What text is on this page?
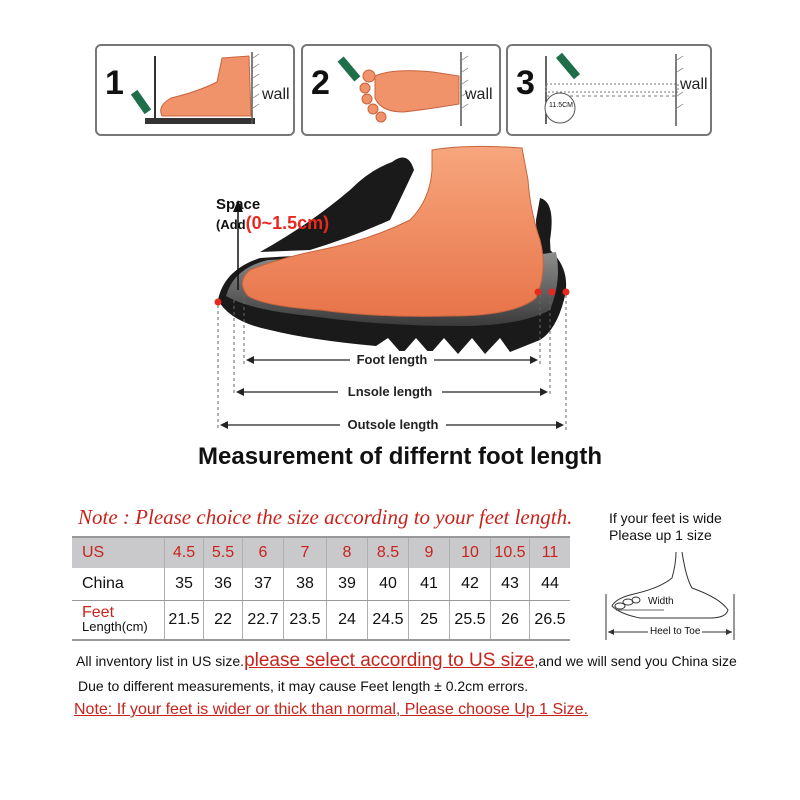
1	wall 2	wall 3
11.5CM
wall
Foot length
Lnsole length
Outsole length
Space
(Add(0~1.5cm)
Measurement of differnt foot length
Note : Please choice the size according to your feet length.
US	4.5	5.5	6	7	8	8.5	9	10	10.5	11
China	35	36	37	38	39	40	41	42	43	44

Feet
Length(cm)	21.5	22	22.7	23.5	24	24.5	25	25.5	26	26.5
If your feet is wide
Please up 1 size
Width
Heel to Toe
All inventory list in US size.please select according to US size,and we will send you China size
Due to different measurements, it may cause Feet length ± 0.2cm errors.
Note: If your feet is wider or thick than normal, Please choose Up 1 Size.
